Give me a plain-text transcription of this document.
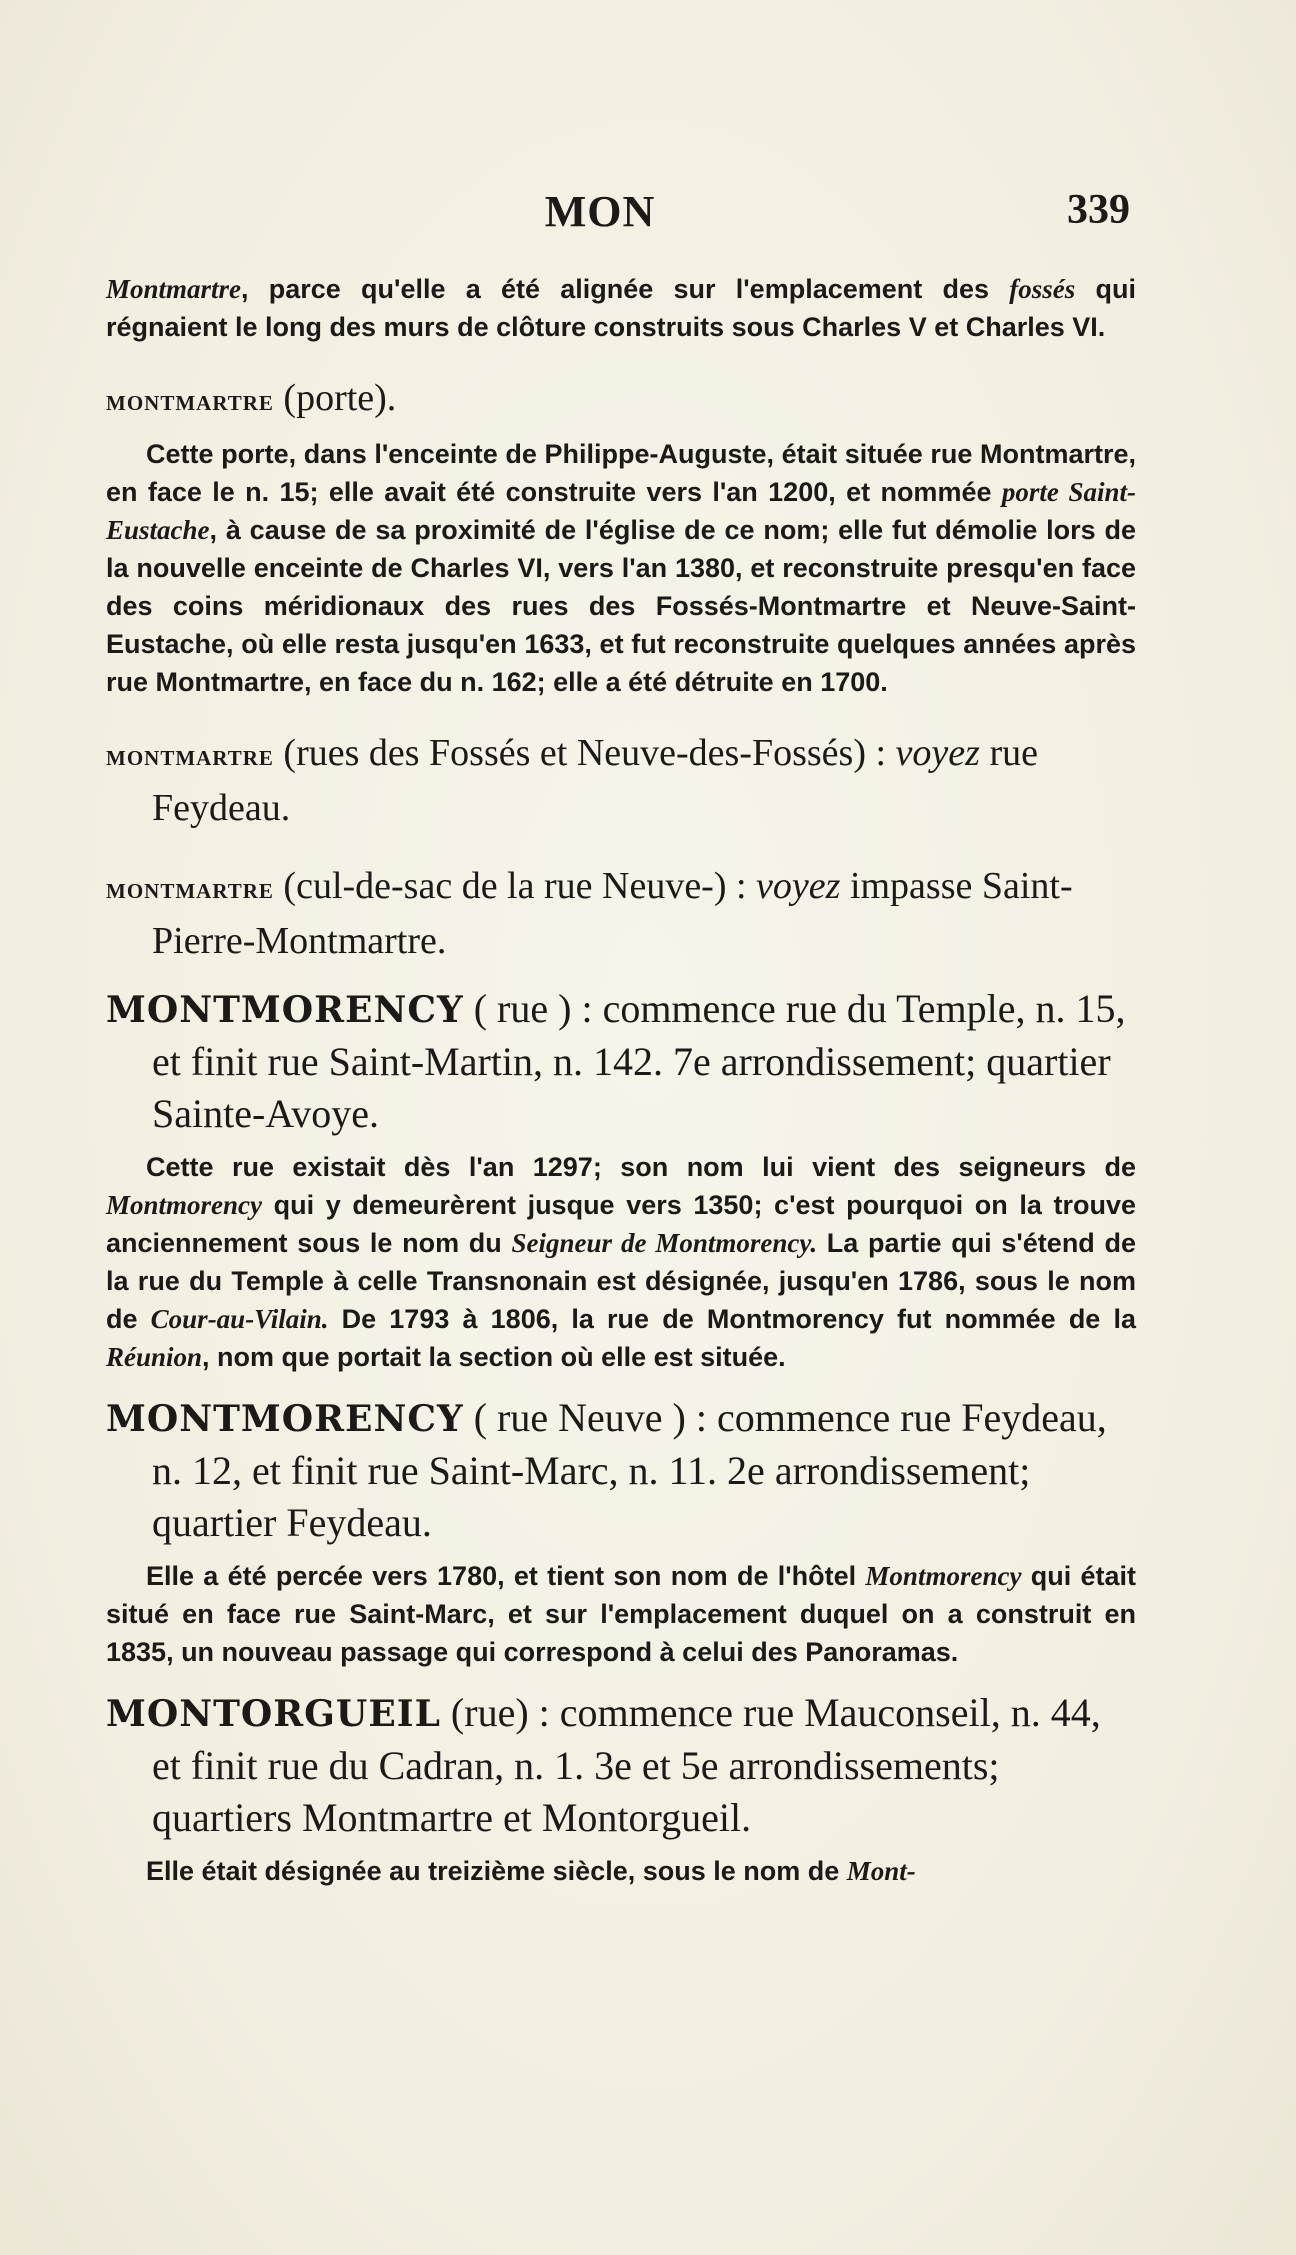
MON	339

Montmartre, parce qu'elle a été alignée sur l'emplacement des fossés qui régnaient le long des murs de clôture construits sous Charles V et Charles VI.

montmartre (porte).

Cette porte, dans l'enceinte de Philippe-Auguste, était située rue Montmartre, en face le n. 15; elle avait été construite vers l'an 1200, et nommée porte Saint-Eustache, à cause de sa proximité de l'église de ce nom; elle fut démolie lors de la nouvelle enceinte de Charles VI, vers l'an 1380, et reconstruite presqu'en face des coins méridionaux des rues des Fossés-Montmartre et Neuve-Saint-Eustache, où elle resta jusqu'en 1633, et fut reconstruite quelques années après rue Montmartre, en face du n. 162; elle a été détruite en 1700.

montmartre (rues des Fossés et Neuve-des-Fossés) : voyez rue Feydeau.
montmartre (cul-de-sac de la rue Neuve-) : voyez impasse Saint-Pierre-Montmartre.
MONTMORENCY ( rue ) : commence rue du Temple, n. 15, et finit rue Saint-Martin, n. 142. 7e arrondissement; quartier Sainte-Avoye.

Cette rue existait dès l'an 1297; son nom lui vient des seigneurs de Montmorency qui y demeurèrent jusque vers 1350; c'est pourquoi on la trouve anciennement sous le nom du Seigneur de Montmorency. La partie qui s'étend de la rue du Temple à celle Transnonain est désignée, jusqu'en 1786, sous le nom de Cour-au-Vilain. De 1793 à 1806, la rue de Montmorency fut nommée de la Réunion, nom que portait la section où elle est située.

MONTMORENCY ( rue Neuve ) : commence rue Feydeau, n. 12, et finit rue Saint-Marc, n. 11. 2e arrondissement; quartier Feydeau.

Elle a été percée vers 1780, et tient son nom de l'hôtel Montmorency qui était situé en face rue Saint-Marc, et sur l'emplacement duquel on a construit en 1835, un nouveau passage qui correspond à celui des Panoramas.

MONTORGUEIL (rue) : commence rue Mauconseil, n. 44, et finit rue du Cadran, n. 1. 3e et 5e arrondissements; quartiers Montmartre et Montorgueil.

Elle était désignée au treizième siècle, sous le nom de Mont-
